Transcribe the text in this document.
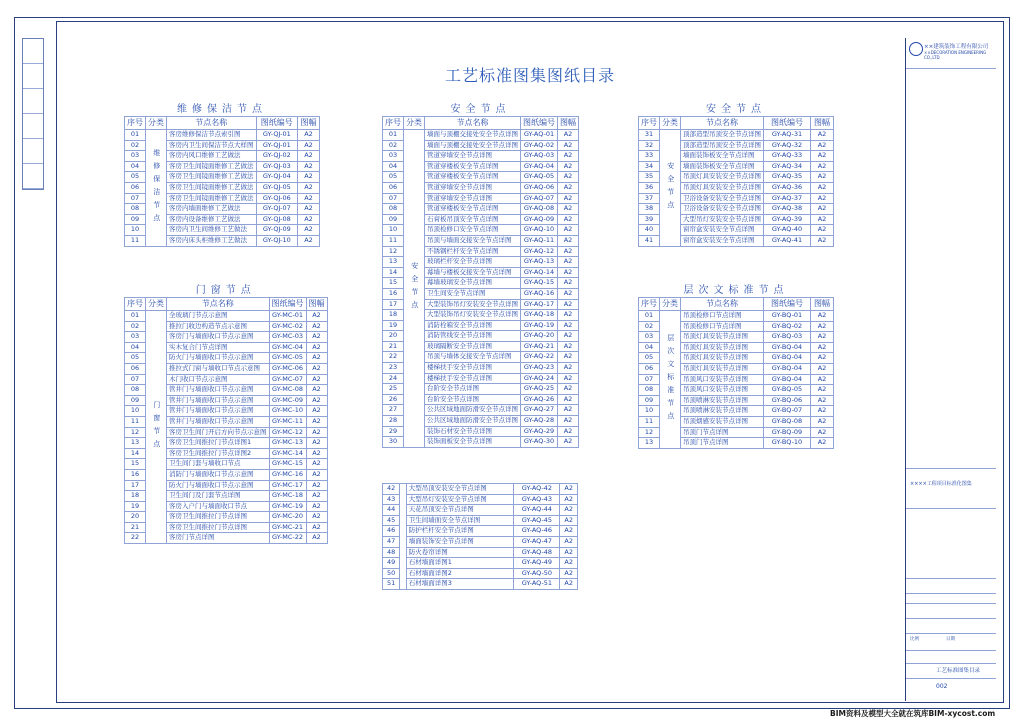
工艺标准图集图纸目录
维修保洁节点				
序号	分类	节点名称	图纸编号	图幅
01	维修保洁节点	客房维修保洁节点索引图	GY-QJ-01	A2
02		客房内卫生间保洁节点大样图	GY-QJ-01	A2
03		客房内风口维修工艺做法	GY-QJ-02	A2
04		客房卫生间镜面维修工艺做法	GY-QJ-03	A2
05		客房卫生间镜面维修工艺做法	GY-QJ-04	A2
06		客房卫生间镜面维修工艺做法	GY-QJ-05	A2
07		客房卫生间镜面维修工艺做法	GY-QJ-06	A2
08		客房内墙面维修工艺做法	GY-QJ-07	A2
09		客房内设备维修工艺做法	GY-QJ-08	A2
10		客房内卫生间维修工艺做法	GY-QJ-09	A2
11		客房内床头柜维修工艺做法	GY-QJ-10	A2
门窗节点				
序号	分类	节点名称	图纸编号	图幅
01	门窗节点	全玻璃门节点示意图	GY-MC-01	A2
02		推拉门收边构造节点示意图	GY-MC-02	A2
03		客房门与墙面收口节点示意图	GY-MC-03	A2
04		实木复合门节点详图	GY-MC-04	A2
05		防火门与墙面收口节点示意图	GY-MC-05	A2
06		推拉式门窗与墙收口节点示意图	GY-MC-06	A2
07		木门收口节点示意图	GY-MC-07	A2
08		管井门与墙面收口节点示意图	GY-MC-08	A2
09		管井门与墙面收口节点示意图	GY-MC-09	A2
10		管井门与墙面收口节点示意图	GY-MC-10	A2
11		管井门与墙面收口节点示意图	GY-MC-11	A2
12		客房卫生间门开启方向节点示意图	GY-MC-12	A2
13		客房卫生间推拉门节点详图1	GY-MC-13	A2
14		客房卫生间推拉门节点详图2	GY-MC-14	A2
15		卫生间门套与墙收口节点	GY-MC-15	A2
16		消防门与墙面收口节点示意图	GY-MC-16	A2
17		防火门与墙面收口节点示意图	GY-MC-17	A2
18		卫生间门及门套节点详图	GY-MC-18	A2
19		客房入户门与墙面收口节点	GY-MC-19	A2
20		客房卫生间推拉门节点详图	GY-MC-20	A2
21		客房卫生间推拉门节点详图	GY-MC-21	A2
22		客房门节点详图	GY-MC-22	A2
安全节点				
序号	分类	节点名称	图纸编号	图幅
01	安全节点	墙面与顶棚交接处安全节点详图	GY-AQ-01	A2
02		墙面与顶棚交接处安全节点详图	GY-AQ-02	A2
03		管道穿墙安全节点详图	GY-AQ-03	A2
04		管道穿楼板安全节点详图	GY-AQ-04	A2
05		管道穿楼板安全节点详图	GY-AQ-05	A2
06		管道穿墙安全节点详图	GY-AQ-06	A2
07		管道穿墙安全节点详图	GY-AQ-07	A2
08		管道穿楼板安全节点详图	GY-AQ-08	A2
09		石膏板吊顶安全节点详图	GY-AQ-09	A2
10		吊顶检修口安全节点详图	GY-AQ-10	A2
11		吊顶与墙面交接安全节点详图	GY-AQ-11	A2
12		不锈钢栏杆安全节点详图	GY-AQ-12	A2
13		玻璃栏杆安全节点详图	GY-AQ-13	A2
14		幕墙与楼板交接安全节点详图	GY-AQ-14	A2
15		幕墙玻璃安全节点详图	GY-AQ-15	A2
16		卫生间安全节点详图	GY-AQ-16	A2
17		大型装饰吊灯安装安全节点详图	GY-AQ-17	A2
18		大型装饰吊灯安装安全节点详图	GY-AQ-18	A2
19		消防栓箱安全节点详图	GY-AQ-19	A2
20		消防管线安全节点详图	GY-AQ-20	A2
21		玻璃隔断安全节点详图	GY-AQ-21	A2
22		吊顶与墙体交接安全节点详图	GY-AQ-22	A2
23		楼梯扶手安全节点详图	GY-AQ-23	A2
24		楼梯扶手安全节点详图	GY-AQ-24	A2
25		台阶安全节点详图	GY-AQ-25	A2
26		台阶安全节点详图	GY-AQ-26	A2
27		公共区域地面防滑安全节点详图	GY-AQ-27	A2
28		公共区域地面防滑安全节点详图	GY-AQ-28	A2
29		装饰石材安全节点详图	GY-AQ-29	A2
30		装饰面板安全节点详图	GY-AQ-30	A2
42		大型吊顶安装安全节点详图	GY-AQ-42	A2
43		大型吊灯安装安全节点详图	GY-AQ-43	A2
44		天花吊顶安全节点详图	GY-AQ-44	A2
45		卫生间墙面安全节点详图	GY-AQ-45	A2
46		防护栏杆安全节点详图	GY-AQ-46	A2
47		墙面装饰安全节点详图	GY-AQ-47	A2
48		防火卷帘详图	GY-AQ-48	A2
49		石材墙面详图1	GY-AQ-49	A2
50		石材墙面详图2	GY-AQ-50	A2
51		石材墙面详图3	GY-AQ-51	A2
安全节点				
序号	分类	节点名称	图纸编号	图幅
31	安全节点	顶部造型吊顶安全节点详图	GY-AQ-31	A2
32		顶部造型吊顶安全节点详图	GY-AQ-32	A2
33		墙面装饰板安全节点详图	GY-AQ-33	A2
34		墙面装饰板安全节点详图	GY-AQ-34	A2
35		吊顶灯具安装安全节点详图	GY-AQ-35	A2
36		吊顶灯具安装安全节点详图	GY-AQ-36	A2
37		卫浴设备安装安全节点详图	GY-AQ-37	A2
38		卫浴设备安装安全节点详图	GY-AQ-38	A2
39		大型吊灯安装安全节点详图	GY-AQ-39	A2
40		窗帘盒安装安全节点详图	GY-AQ-40	A2
41		窗帘盒安装安全节点详图	GY-AQ-41	A2
层次文标准节点				
序号	分类	节点名称	图纸编号	图幅
01	层次文标准节点	吊顶检修口节点详图	GY-BQ-01	A2
02		吊顶检修口节点详图	GY-BQ-02	A2
03		吊顶灯具安装节点详图	GY-BQ-03	A2
04		吊顶灯具安装节点详图	GY-BQ-04	A2
05		吊顶灯具安装节点详图	GY-BQ-04	A2
06		吊顶灯具安装节点详图	GY-BQ-04	A2
07		吊顶风口安装节点详图	GY-BQ-04	A2
08		吊顶风口安装节点详图	GY-BQ-05	A2
09		吊顶喷淋安装节点详图	GY-BQ-06	A2
10		吊顶喷淋安装节点详图	GY-BQ-07	A2
11		吊顶烟感安装节点详图	GY-BQ-08	A2
12		吊顶门节点详图	GY-BQ-09	A2
13		吊顶门节点详图	GY-BQ-10	A2
××建筑装饰工程有限公司
××DECORATION ENGINEERING CO.,LTD
××××工程项目标准化图集
比例	日期
工艺标准图集目录
002
BIM资料及模型大全就在筑库BIM-xycost.com
